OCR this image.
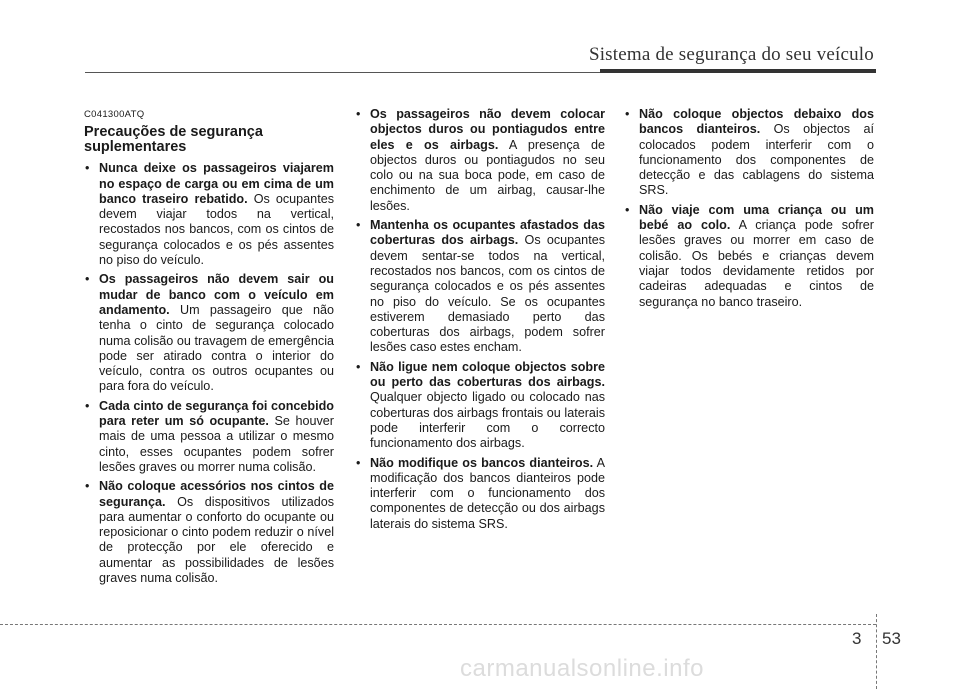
Sistema de segurança do seu veículo
C041300ATQ
Precauções de segurança suplementares
• Nunca deixe os passageiros viajarem no espaço de carga ou em cima de um banco traseiro rebatido. Os ocupantes devem viajar todos na vertical, recostados nos bancos, com os cintos de segurança colocados e os pés assentes no piso do veículo.
• Os passageiros não devem sair ou mudar de banco com o veículo em andamento. Um passageiro que não tenha o cinto de segurança colocado numa colisão ou travagem de emergência pode ser atirado contra o interior do veículo, contra os outros ocupantes ou para fora do veículo.
• Cada cinto de segurança foi concebido para reter um só ocupante. Se houver mais de uma pessoa a utilizar o mesmo cinto, esses ocupantes podem sofrer lesões graves ou morrer numa colisão.
• Não coloque acessórios nos cintos de segurança. Os dispositivos utilizados para aumentar o conforto do ocupante ou reposicionar o cinto podem reduzir o nível de protecção por ele oferecido e aumentar as possibilidades de lesões graves numa colisão.
• Os passageiros não devem colocar objectos duros ou pontiagudos entre eles e os airbags. A presença de objectos duros ou pontiagudos no seu colo ou na sua boca pode, em caso de enchimento de um airbag, causar-lhe lesões.
• Mantenha os ocupantes afastados das coberturas dos airbags. Os ocupantes devem sentar-se todos na vertical, recostados nos bancos, com os cintos de segurança colocados e os pés assentes no piso do veículo. Se os ocupantes estiverem demasiado perto das coberturas dos airbags, podem sofrer lesões caso estes encham.
• Não ligue nem coloque objectos sobre ou perto das coberturas dos airbags. Qualquer objecto ligado ou colocado nas coberturas dos airbags frontais ou laterais pode interferir com o correcto funcionamento dos airbags.
• Não modifique os bancos dianteiros. A modificação dos bancos dianteiros pode interferir com o funcionamento dos componentes de detecção ou dos airbags laterais do sistema SRS.
• Não coloque objectos debaixo dos bancos dianteiros. Os objectos aí colocados podem interferir com o funcionamento dos componentes de detecção e das cablagens do sistema SRS.
• Não viaje com uma criança ou um bebé ao colo. A criança pode sofrer lesões graves ou morrer em caso de colisão. Os bebés e crianças devem viajar todos devidamente retidos por cadeiras adequadas e cintos de segurança no banco traseiro.
3 53
carmanualsonline.info
